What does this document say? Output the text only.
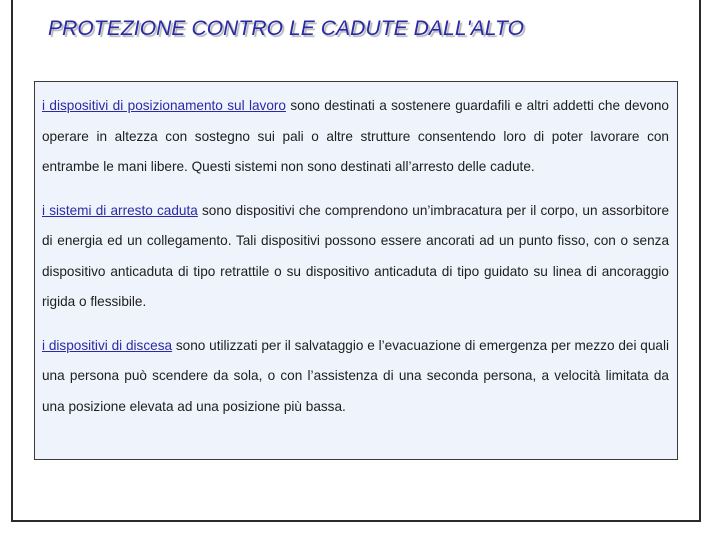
PROTEZIONE CONTRO LE CADUTE DALL'ALTO

i dispositivi di posizionamento sul lavoro sono destinati a sostenere guardafili e altri addetti che devono operare in altezza con sostegno sui pali o altre strutture consentendo loro di poter lavorare con entrambe le mani libere. Questi sistemi non sono destinati all’arresto delle cadute.

i sistemi di arresto caduta sono dispositivi che comprendono un’imbracatura per il corpo, un assorbitore di energia ed un collegamento. Tali dispositivi possono essere ancorati ad un punto fisso, con o senza dispositivo anticaduta di tipo retrattile o su dispositivo anticaduta di tipo guidato su linea di ancoraggio rigida o flessibile.

i dispositivi di discesa sono utilizzati per il salvataggio e l’evacuazione di emergenza per mezzo dei quali una persona può scendere da sola, o con l’assistenza di una seconda persona, a velocità limitata da una posizione elevata ad una posizione più bassa.
